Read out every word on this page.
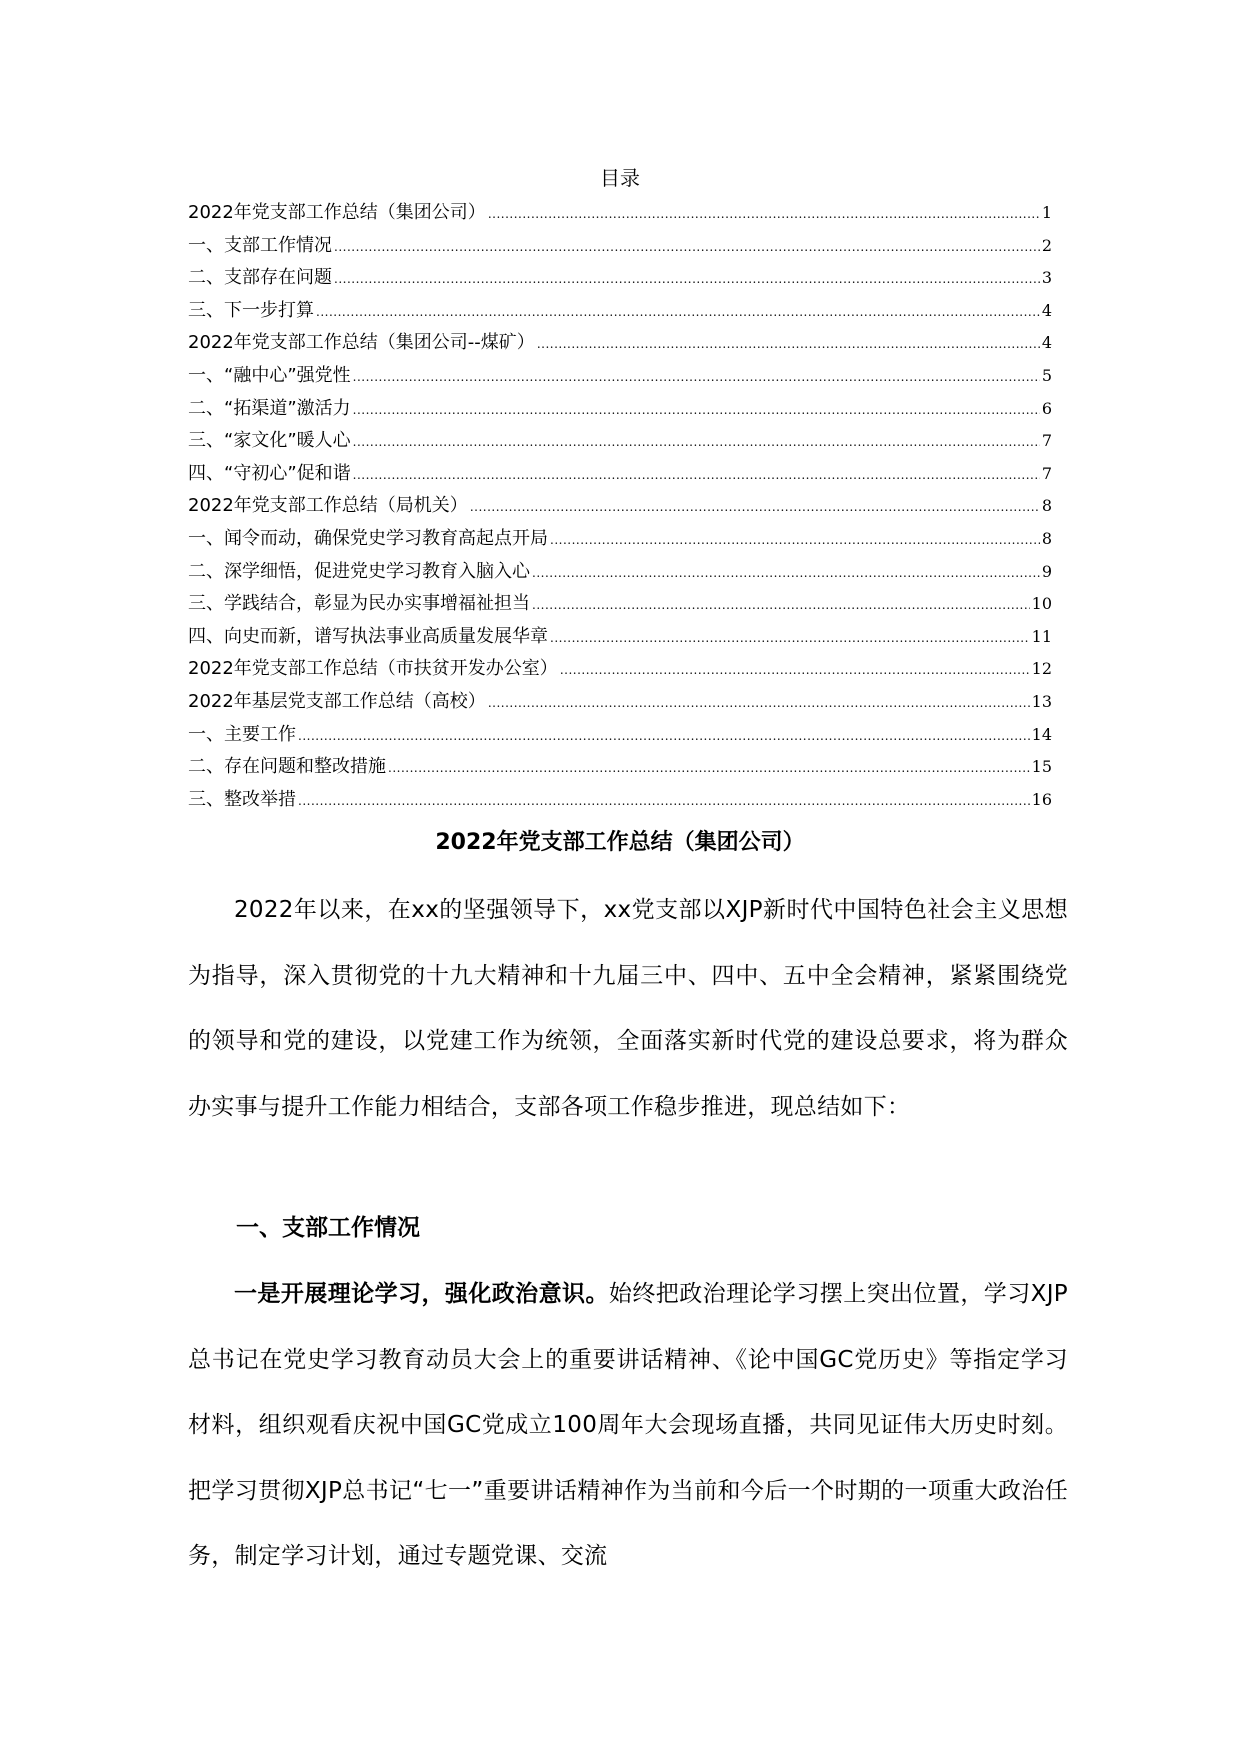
目录
2022年党支部工作总结（集团公司） .....	1
一、支部工作情况 .....	2
二、支部存在问题 .....	3
三、下一步打算 .....	4
2022年党支部工作总结（集团公司--煤矿） .....	4
一、“融中心”强党性 .....	5
二、“拓渠道”激活力 .....	6
三、“家文化”暖人心 .....	7
四、“守初心”促和谐 .....	7
2022年党支部工作总结（局机关） .....	8
一、闻令而动，确保党史学习教育高起点开局 .....	8
二、深学细悟，促进党史学习教育入脑入心 .....	9
三、学践结合，彰显为民办实事增福祉担当 .....	10
四、向史而新，谱写执法事业高质量发展华章 .....	11
2022年党支部工作总结（市扶贫开发办公室） .....	12
2022年基层党支部工作总结（高校） .....	13
一、主要工作 .....	14
二、存在问题和整改措施 .....	15
三、整改举措 .....	16
2022年党支部工作总结（集团公司）
2022年以来，在xx的坚强领导下，xx党支部以XJP新时代中国特色社会主义思想为指导，深入贯彻党的十九大精神和十九届三中、四中、五中全会精神，紧紧围绕党的领导和党的建设，以党建工作为统领，全面落实新时代党的建设总要求，将为群众办实事与提升工作能力相结合，支部各项工作稳步推进，现总结如下：
一、支部工作情况
一是开展理论学习，强化政治意识。始终把政治理论学习摆上突出位置，学习XJP总书记在党史学习教育动员大会上的重要讲话精神、《论中国GC党历史》等指定学习材料，组织观看庆祝中国GC党成立100周年大会现场直播，共同见证伟大历史时刻。把学习贯彻XJP总书记“七一”重要讲话精神作为当前和今后一个时期的一项重大政治任务，制定学习计划，通过专题党课、交流
